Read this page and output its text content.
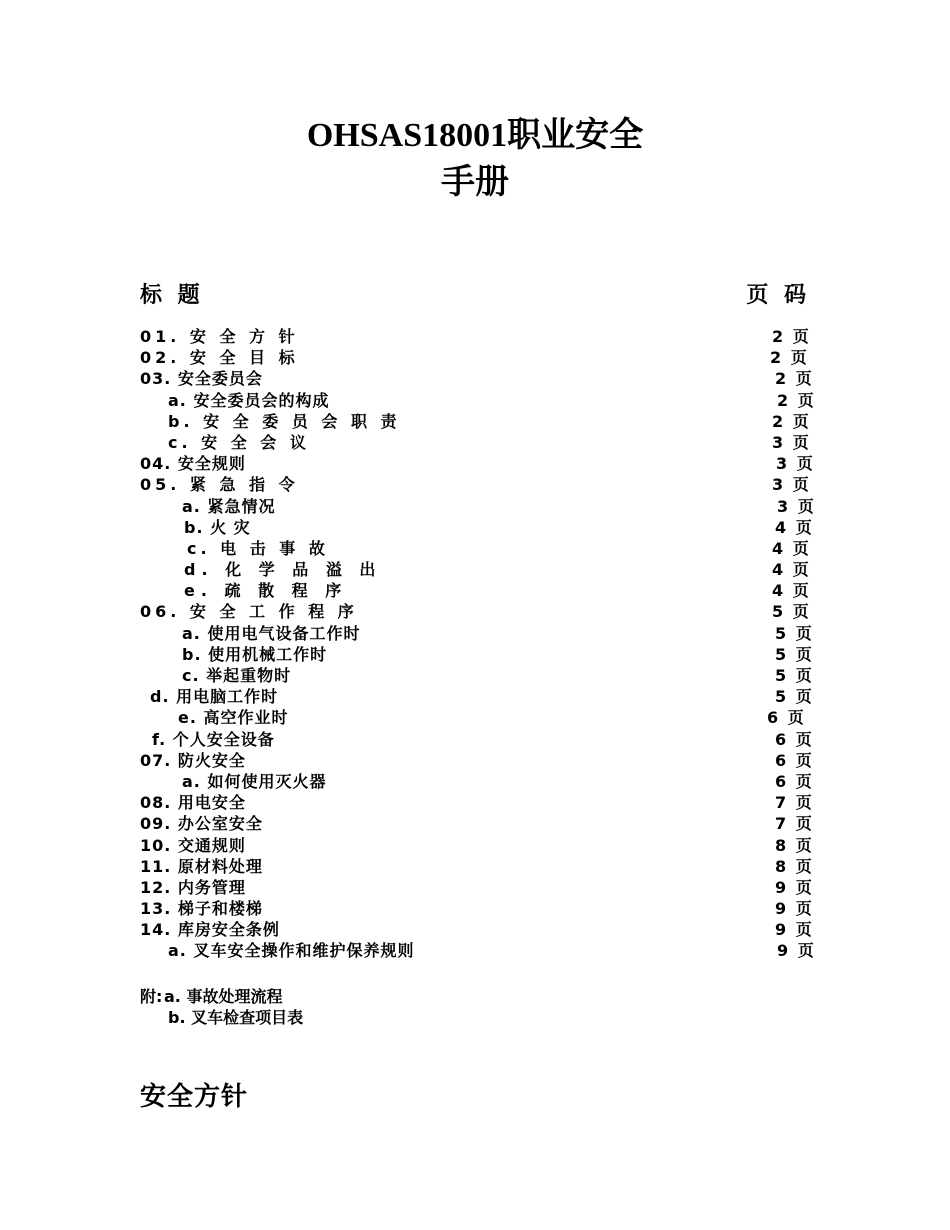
OHSAS18001职业安全
手册
标 题	页 码
01. 安 全 方 针	2 页
02. 安 全 目 标	2 页
03. 安全委员会	2 页
a. 安全委员会的构成	2 页
b. 安 全 委 员 会 职 责	2 页
c. 安 全 会 议	3 页
04. 安全规则	3 页
05. 紧 急 指 令	3 页
a. 紧急情况	3 页
b. 火 灾	4 页
c. 电 击 事 故	4 页
d. 化 学 品 溢 出	4 页
e. 疏 散 程 序	4 页
06. 安 全 工 作 程 序	5 页
a. 使用电气设备工作时	5 页
b. 使用机械工作时	5 页
c. 举起重物时	5 页
d. 用电脑工作时	5 页
e. 高空作业时	6 页
f. 个人安全设备	6 页
07. 防火安全	6 页
a. 如何使用灭火器	6 页
08. 用电安全	7 页
09. 办公室安全	7 页
10. 交通规则	8 页
11. 原材料处理	8 页
12. 内务管理	9 页
13. 梯子和楼梯	9 页
14. 库房安全条例	9 页
a. 叉车安全操作和维护保养规则	9 页
附: a. 事故处理流程
b. 叉车检查项目表
安全方针
